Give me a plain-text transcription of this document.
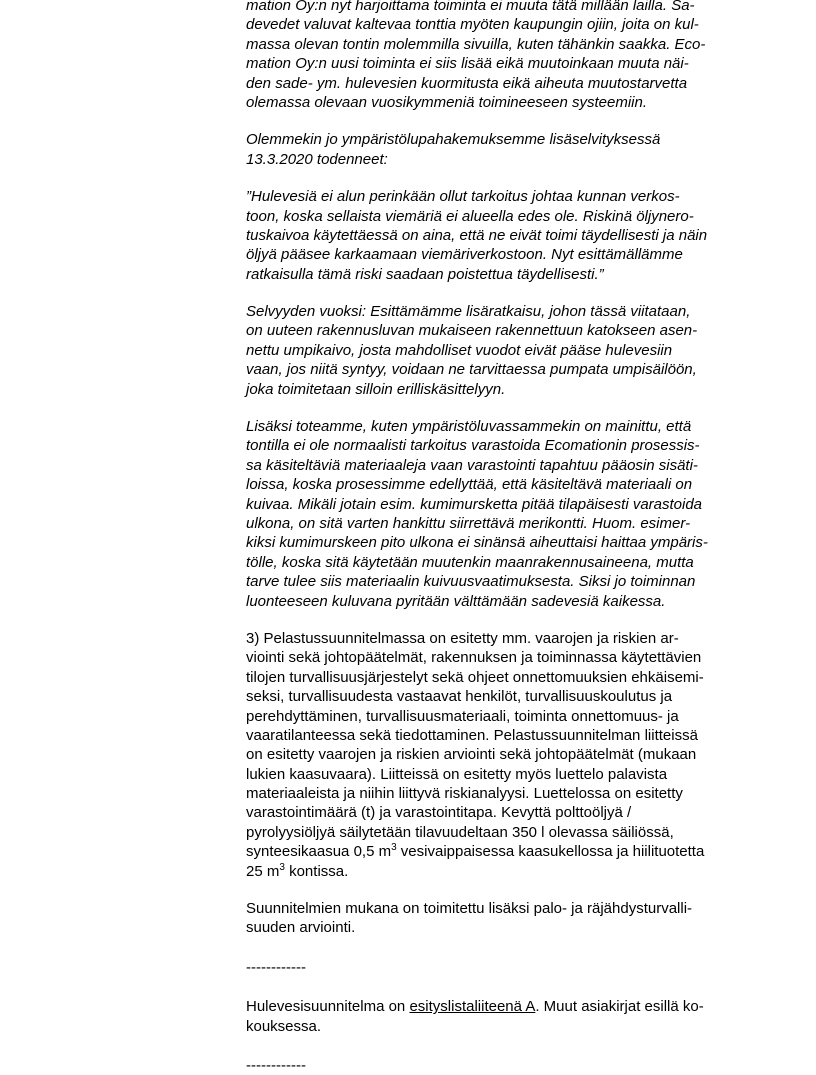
mation Oy:n nyt harjoittama toiminta ei muuta tätä millään lailla. Sa-
devedet valuvat kaltevaa tonttia myöten kaupungin ojiin, joita on kul-
massa olevan tontin molemmilla sivuilla, kuten tähänkin saakka. Eco-
mation Oy:n uusi toiminta ei siis lisää eikä muutoinkaan muuta näi-
den sade- ym. hulevesien kuormitusta eikä aiheuta muutostarvetta
olemassa olevaan vuosikymmeniä toimineeseen systeemiin.
Olemmekin jo ympäristölupahakemuksemme lisäselvityksessä
13.3.2020 todenneet:
”Hulevesiä ei alun perinkään ollut tarkoitus johtaa kunnan verkos-
toon, koska sellaista viemäriä ei alueella edes ole. Riskinä öljynero-
tuskaivoa käytettäessä on aina, että ne eivät toimi täydellisesti ja näin
öljyä pääsee karkaamaan viemäriverkostoon. Nyt esittämällämme
ratkaisulla tämä riski saadaan poistettua täydellisesti.”
Selvyyden vuoksi: Esittämämme lisäratkaisu, johon tässä viitataan,
on uuteen rakennusluvan mukaiseen rakennettuun katokseen asen-
nettu umpikaivo, josta mahdolliset vuodot eivät pääse hulevesiin
vaan, jos niitä syntyy, voidaan ne tarvittaessa pumpata umpisäilöön,
joka toimitetaan silloin erilliskäsittelyyn.
Lisäksi toteamme, kuten ympäristöluvassammekin on mainittu, että
tontilla ei ole normaalisti tarkoitus varastoida Ecomationin prosessis-
sa käsiteltäviä materiaaleja vaan varastointi tapahtuu pääosin sisäti-
loissa, koska prosessimme edellyttää, että käsiteltävä materiaali on
kuivaa. Mikäli jotain esim. kumimursketta pitää tilapäisesti varastoida
ulkona, on sitä varten hankittu siirrettävä merikontti. Huom. esimer-
kiksi kumimurskeen pito ulkona ei sinänsä aiheuttaisi haittaa ympäris-
tölle, koska sitä käytetään muutenkin maanrakennusaineena, mutta
tarve tulee siis materiaalin kuivuusvaatimuksesta. Siksi jo toiminnan
luonteeseen kuluvana pyritään välttämään sadevesiä kaikessa.
3) Pelastussuunnitelmassa on esitetty mm. vaarojen ja riskien ar-
viointi sekä johtopäätelmät, rakennuksen ja toiminnassa käytettävien
tilojen turvallisuusjärjestelyt sekä ohjeet onnettomuuksien ehkäisemi-
seksi, turvallisuudesta vastaavat henkilöt, turvallisuuskoulutus ja
perehdyttäminen, turvallisuusmateriaali, toiminta onnettomuus- ja
vaaratilanteessa sekä tiedottaminen. Pelastussuunnitelman liitteissä
on esitetty vaarojen ja riskien arviointi sekä johtopäätelmät (mukaan
lukien kaasuvaara). Liitteissä on esitetty myös luettelo palavista
materiaaleista ja niihin liittyvä riskianalyysi. Luettelossa on esitetty
varastointimäärä (t) ja varastointitapa. Kevyttä polttoöljyä /
pyrolyysiöljyä säilytetään tilavuudeltaan 350 l olevassa säiliössä,
synteesikaasua 0,5 $m^3$ vesivaippaisessa kaasukellossa ja hiilituotetta
25 $m^3$ kontissa.
Suunnitelmien mukana on toimitettu lisäksi palo- ja räjähdysturvalli-
suuden arviointi.
------------
Hulevesisuunnitelma on esityslistaliiteenä A. Muut asiakirjat esillä ko-
kouksessa.
------------
